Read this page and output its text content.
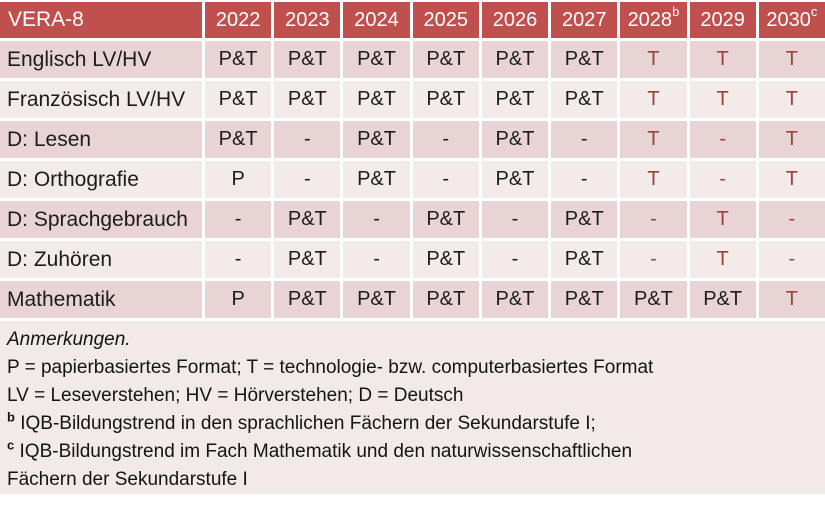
VERA-8	2022 2023 2024 2025 2026 2027 2028 b 2029 2030 c
Englisch LV/HV	P&T	P&T	P&T	P&T	P&T	P&T	T	T	T
Französisch LV/HV	P&T	P&T	P&T	P&T	P&T	P&T	T	T	T
D: Lesen	P&T	-	P&T	-	P&T	-	T	-	T
D: Orthografie	P	-	P&T	-	P&T	-	T	-	T
D: Sprachgebrauch	-	P&T	-	P&T	-	P&T	-	T	-
D: Zuhören	-	P&T	-	P&T	-	P&T	-	T	-
Mathematik	P	P&T	P&T	P&T	P&T	P&T	P&T	P&T	T
Anmerkungen.
P = papierbasiertes Format; T = technologie- bzw. computerbasiertes Format
LV = Leseverstehen; HV = Hörverstehen; D = Deutsch
$^b$ IQB-Bildungstrend in den sprachlichen Fächern der Sekundarstufe I;
$^c$ IQB-Bildungstrend im Fach Mathematik und den naturwissenschaftlichen
Fächern der Sekundarstufe I
